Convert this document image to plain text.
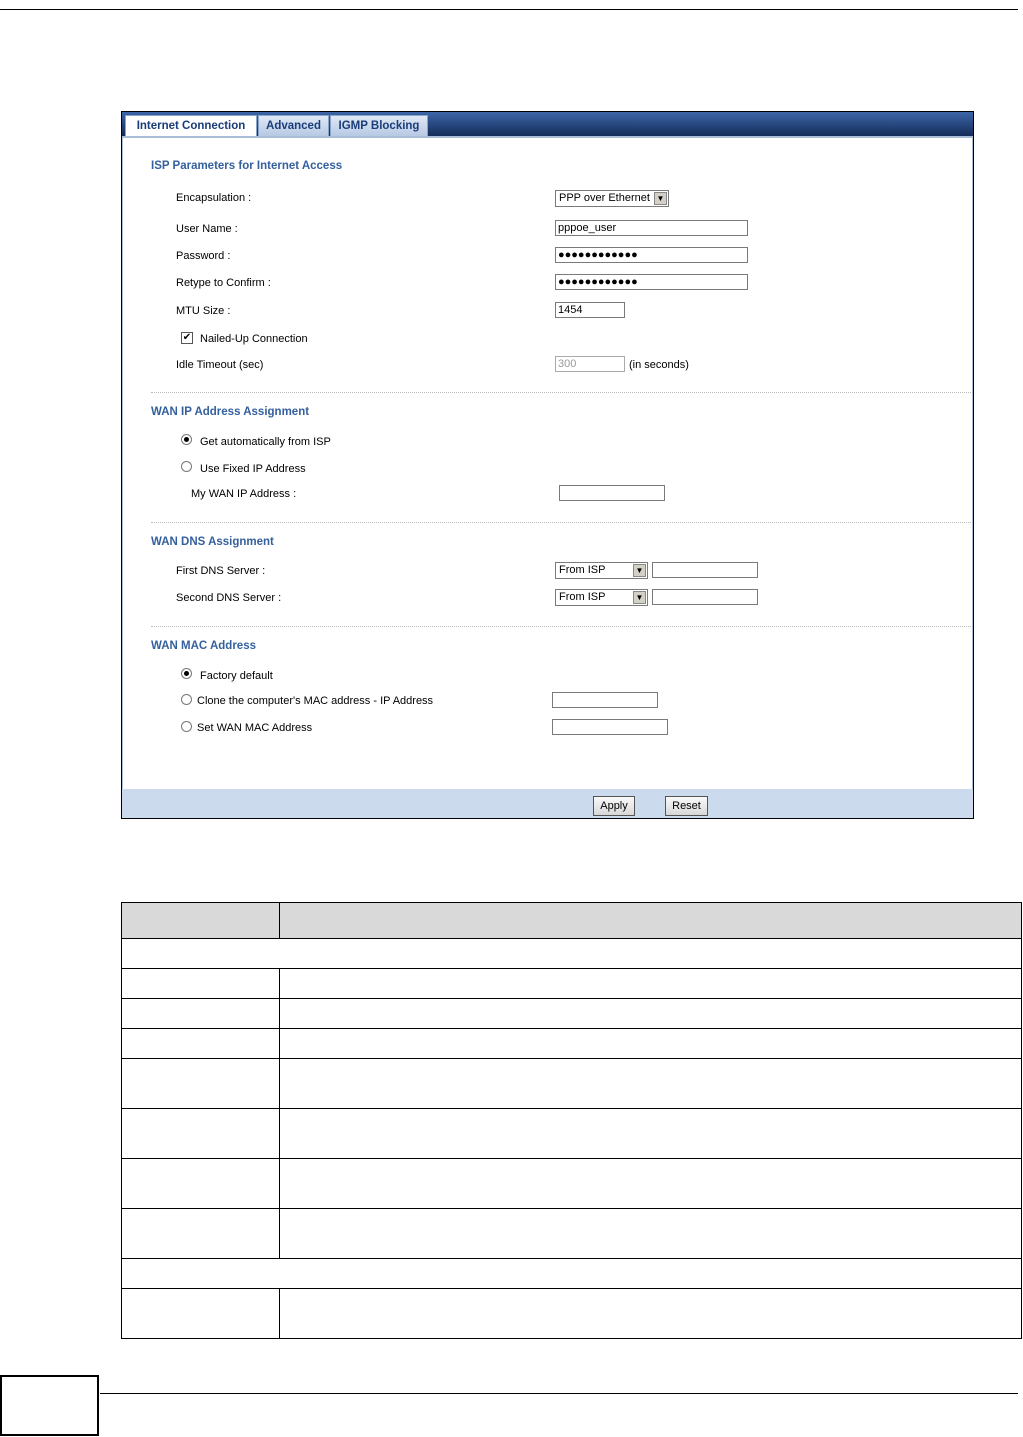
Internet Connection	Advanced	IGMP Blocking
ISP Parameters for Internet Access
Encapsulation :	PPP over Ethernet ▼
User Name :	pppoe_user
Password :	●●●●●●●●●●●●
Retype to Confirm :	●●●●●●●●●●●●
MTU Size :	1454
✔ Nailed-Up Connection
Idle Timeout (sec)	300	(in seconds)
WAN IP Address Assignment
Get automatically from ISP
Use Fixed IP Address
My WAN IP Address :
WAN DNS Assignment
First DNS Server :	From ISP	▼
Second DNS Server :	From ISP	▼
WAN MAC Address
Factory default
Clone the computer's MAC address - IP Address
Set WAN MAC Address
Apply	Reset
